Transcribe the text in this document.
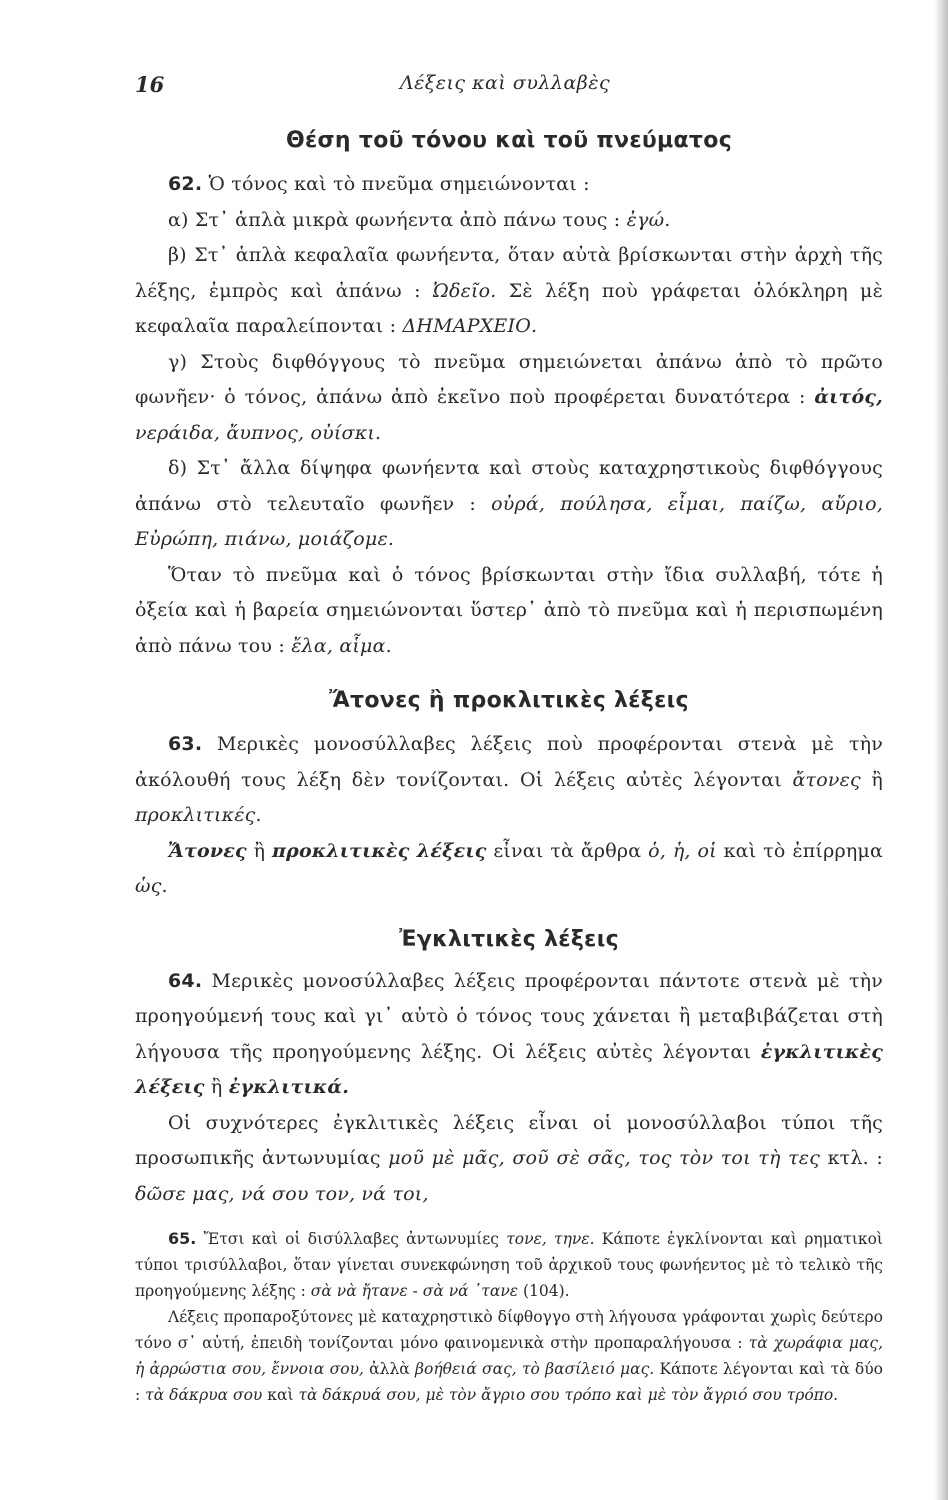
16	Λέξεις καὶ συλλαβὲς
Θέση τοῦ τόνου καὶ τοῦ πνεύματος

62. Ὁ τόνος καὶ τὸ πνεῦμα σημειώνονται :

α) Στ᾿ ἁπλὰ μικρὰ φωνήεντα ἀπὸ πάνω τους : ἐγώ.

β) Στ᾿ ἁπλὰ κεφαλαῖα φωνήεντα, ὅταν αὐτὰ βρίσκωνται στὴν ἀρχὴ τῆς λέξης, ἐμπρὸς καὶ ἀπάνω : Ὠδεῖο. Σὲ λέξη ποὺ γράφεται ὁλόκληρη μὲ κεφαλαῖα παραλείπονται : ΔΗΜΑΡΧΕΙΟ.

γ) Στοὺς διφθόγγους τὸ πνεῦμα σημειώνεται ἀπάνω ἀπὸ τὸ πρῶτο φωνῆεν· ὁ τόνος, ἀπάνω ἀπὸ ἐκεῖνο ποὺ προφέρεται δυνατότερα : ἀιτός, νεράιδα, ἄυπνος, οὐίσκι.

δ) Στ᾿ ἄλλα δίψηφα φωνήεντα καὶ στοὺς καταχρηστικοὺς διφθόγγους ἀπάνω στὸ τελευταῖο φωνῆεν : οὐρά, πούλησα, εἶμαι, παίζω, αὔριο, Εὐρώπη, πιάνω, μοιάζομε.

Ὅταν τὸ πνεῦμα καὶ ὁ τόνος βρίσκωνται στὴν ἴδια συλλαβή, τότε ἡ ὀξεία καὶ ἡ βαρεία σημειώνονται ὕστερ᾿ ἀπὸ τὸ πνεῦμα καὶ ἡ περισπωμένη ἀπὸ πάνω του : ἔλα, αἷμα.

Ἄτονες ἢ προκλιτικὲς λέξεις

63. Μερικὲς μονοσύλλαβες λέξεις ποὺ προφέρονται στενὰ μὲ τὴν ἀκόλουθή τους λέξη δὲν τονίζονται. Οἱ λέξεις αὐτὲς λέγονται ἄτονες ἢ προκλιτικές.

Ἄτονες ἢ προκλιτικὲς λέξεις εἶναι τὰ ἄρθρα ὁ, ἡ, οἱ καὶ τὸ ἐπίρρημα ὡς.

Ἐγκλιτικὲς λέξεις

64. Μερικὲς μονοσύλλαβες λέξεις προφέρονται πάντοτε στενὰ μὲ τὴν προηγούμενή τους καὶ γι᾿ αὐτὸ ὁ τόνος τους χάνεται ἢ μεταβιβάζεται στὴ λήγουσα τῆς προηγούμενης λέξης. Οἱ λέξεις αὐτὲς λέγονται ἐγκλιτικὲς λέξεις ἢ ἐγκλιτικά.

Οἱ συχνότερες ἐγκλιτικὲς λέξεις εἶναι οἱ μονοσύλλαβοι τύποι τῆς προσωπικῆς ἀντωνυμίας μοῦ μὲ μᾶς, σοῦ σὲ σᾶς, τος τὸν τοι τὴ τες κτλ. : δῶσε μας, νά σου τον, νά τοι,

65. Ἔτσι καὶ οἱ δισύλλαβες ἀντωνυμίες τονε, τηνε. Κάποτε ἐγκλίνονται καὶ ρηματικοὶ τύποι τρισύλλαβοι, ὅταν γίνεται συνεκφώνηση τοῦ ἀρχικοῦ τους φωνήεντος μὲ τὸ τελικὸ τῆς προηγούμενης λέξης : σὰ νὰ ἤτανε - σὰ νά ᾽τανε (104).

Λέξεις προπαροξύτονες μὲ καταχρηστικὸ δίφθογγο στὴ λήγουσα γράφονται χωρὶς δεύτερο τόνο σ᾿ αὐτή, ἐπειδὴ τονίζονται μόνο φαινομενικὰ στὴν προπαραλήγουσα : τὰ χωράφια μας, ἡ ἀρρώστια σου, ἔννοια σου, ἀλλὰ βοήθειά σας, τὸ βασίλειό μας. Κάποτε λέγονται καὶ τὰ δύο : τὰ δάκρυα σου καὶ τὰ δάκρυά σου, μὲ τὸν ἄγριο σου τρόπο καὶ μὲ τὸν ἄγριό σου τρόπο.
